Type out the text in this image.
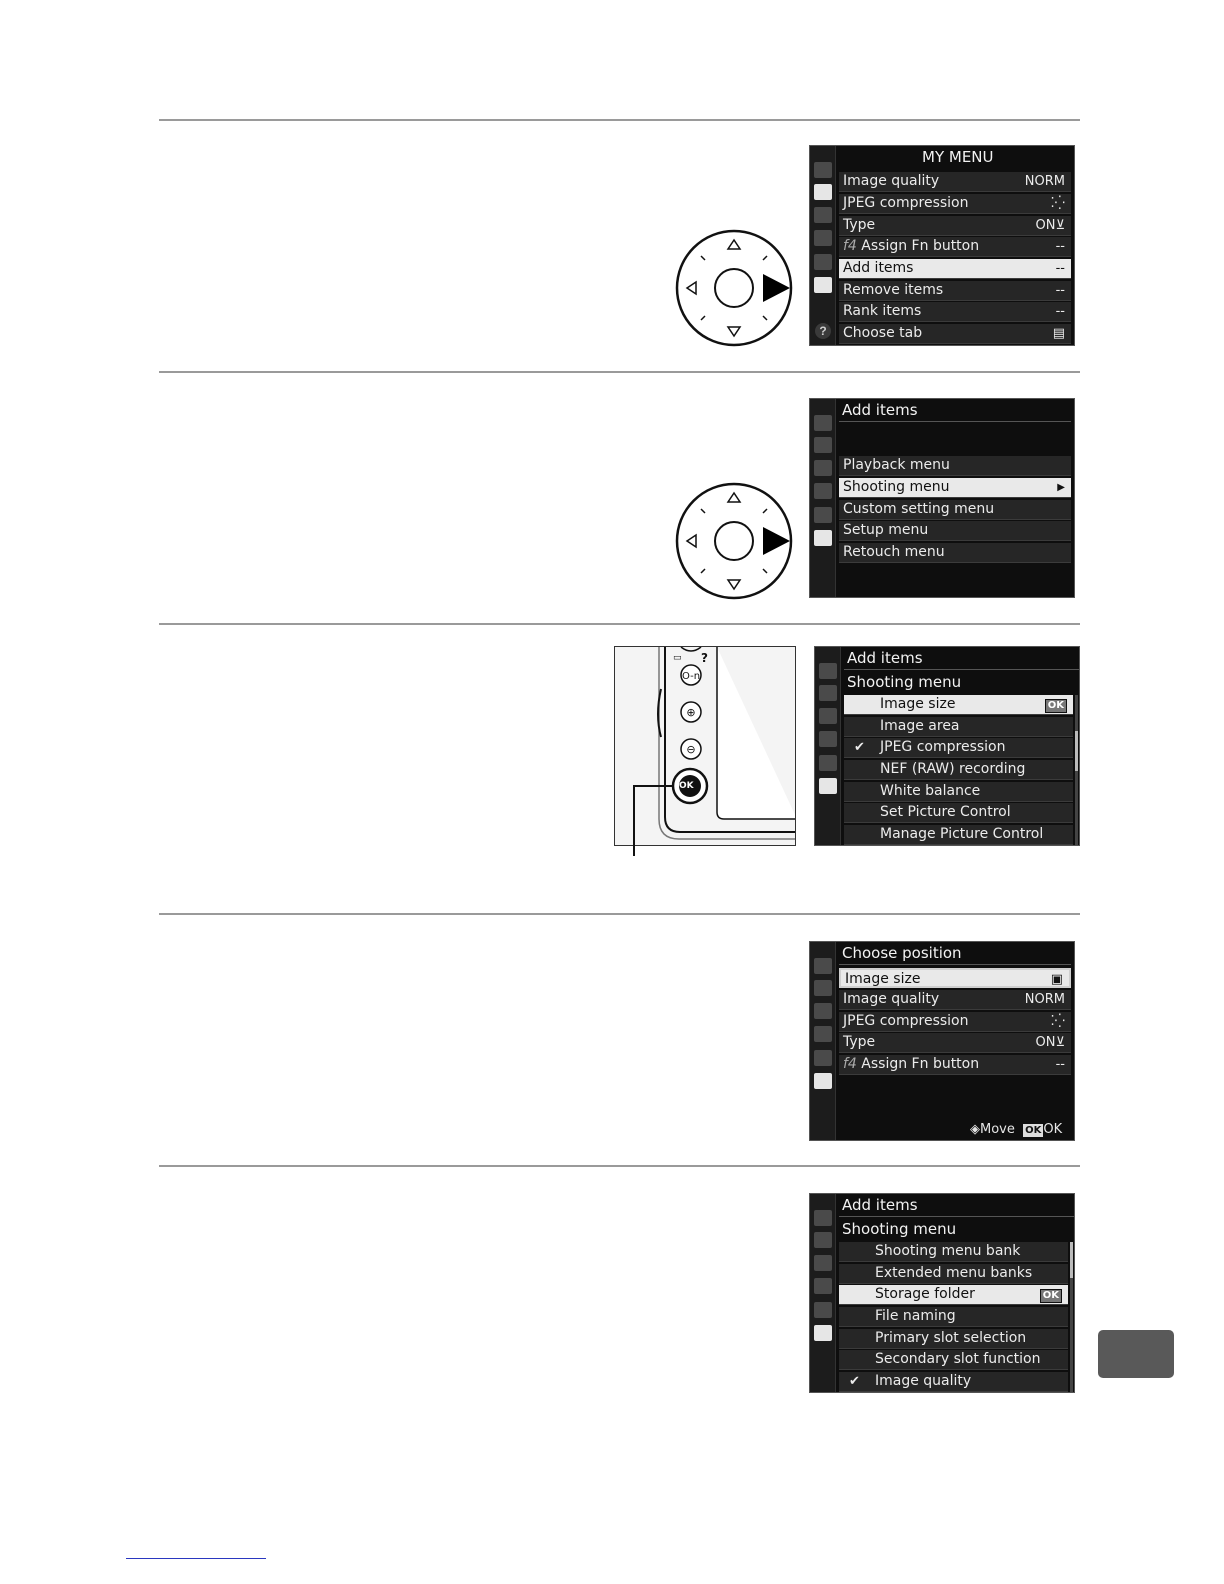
?
MY MENU
Image quality	NORM
JPEG compression	⁚⁛
Type	ON⊻
f4 Assign Fn button	--
Add items	--
Remove items	--
Rank items	--
Choose tab	▤
Add items
Playback menu
Shooting menu	▶
Custom setting menu
Setup menu
Retouch menu
O-n
⊕
⊖
▭
OK
?	Add items
Shooting menu
Image size	OK
Image area
✔ JPEG compression
NEF (RAW) recording
White balance
Set Picture Control
Manage Picture Control
Choose position
Image size	▣
Image quality	NORM
JPEG compression	⁚⁛
Type	ON⊻
f4 Assign Fn button	--
◈Move OK OK
Add items
Shooting menu
Shooting menu bank
Extended menu banks
Storage folder	OK
File naming
Primary slot selection
Secondary slot function
✔ Image quality
